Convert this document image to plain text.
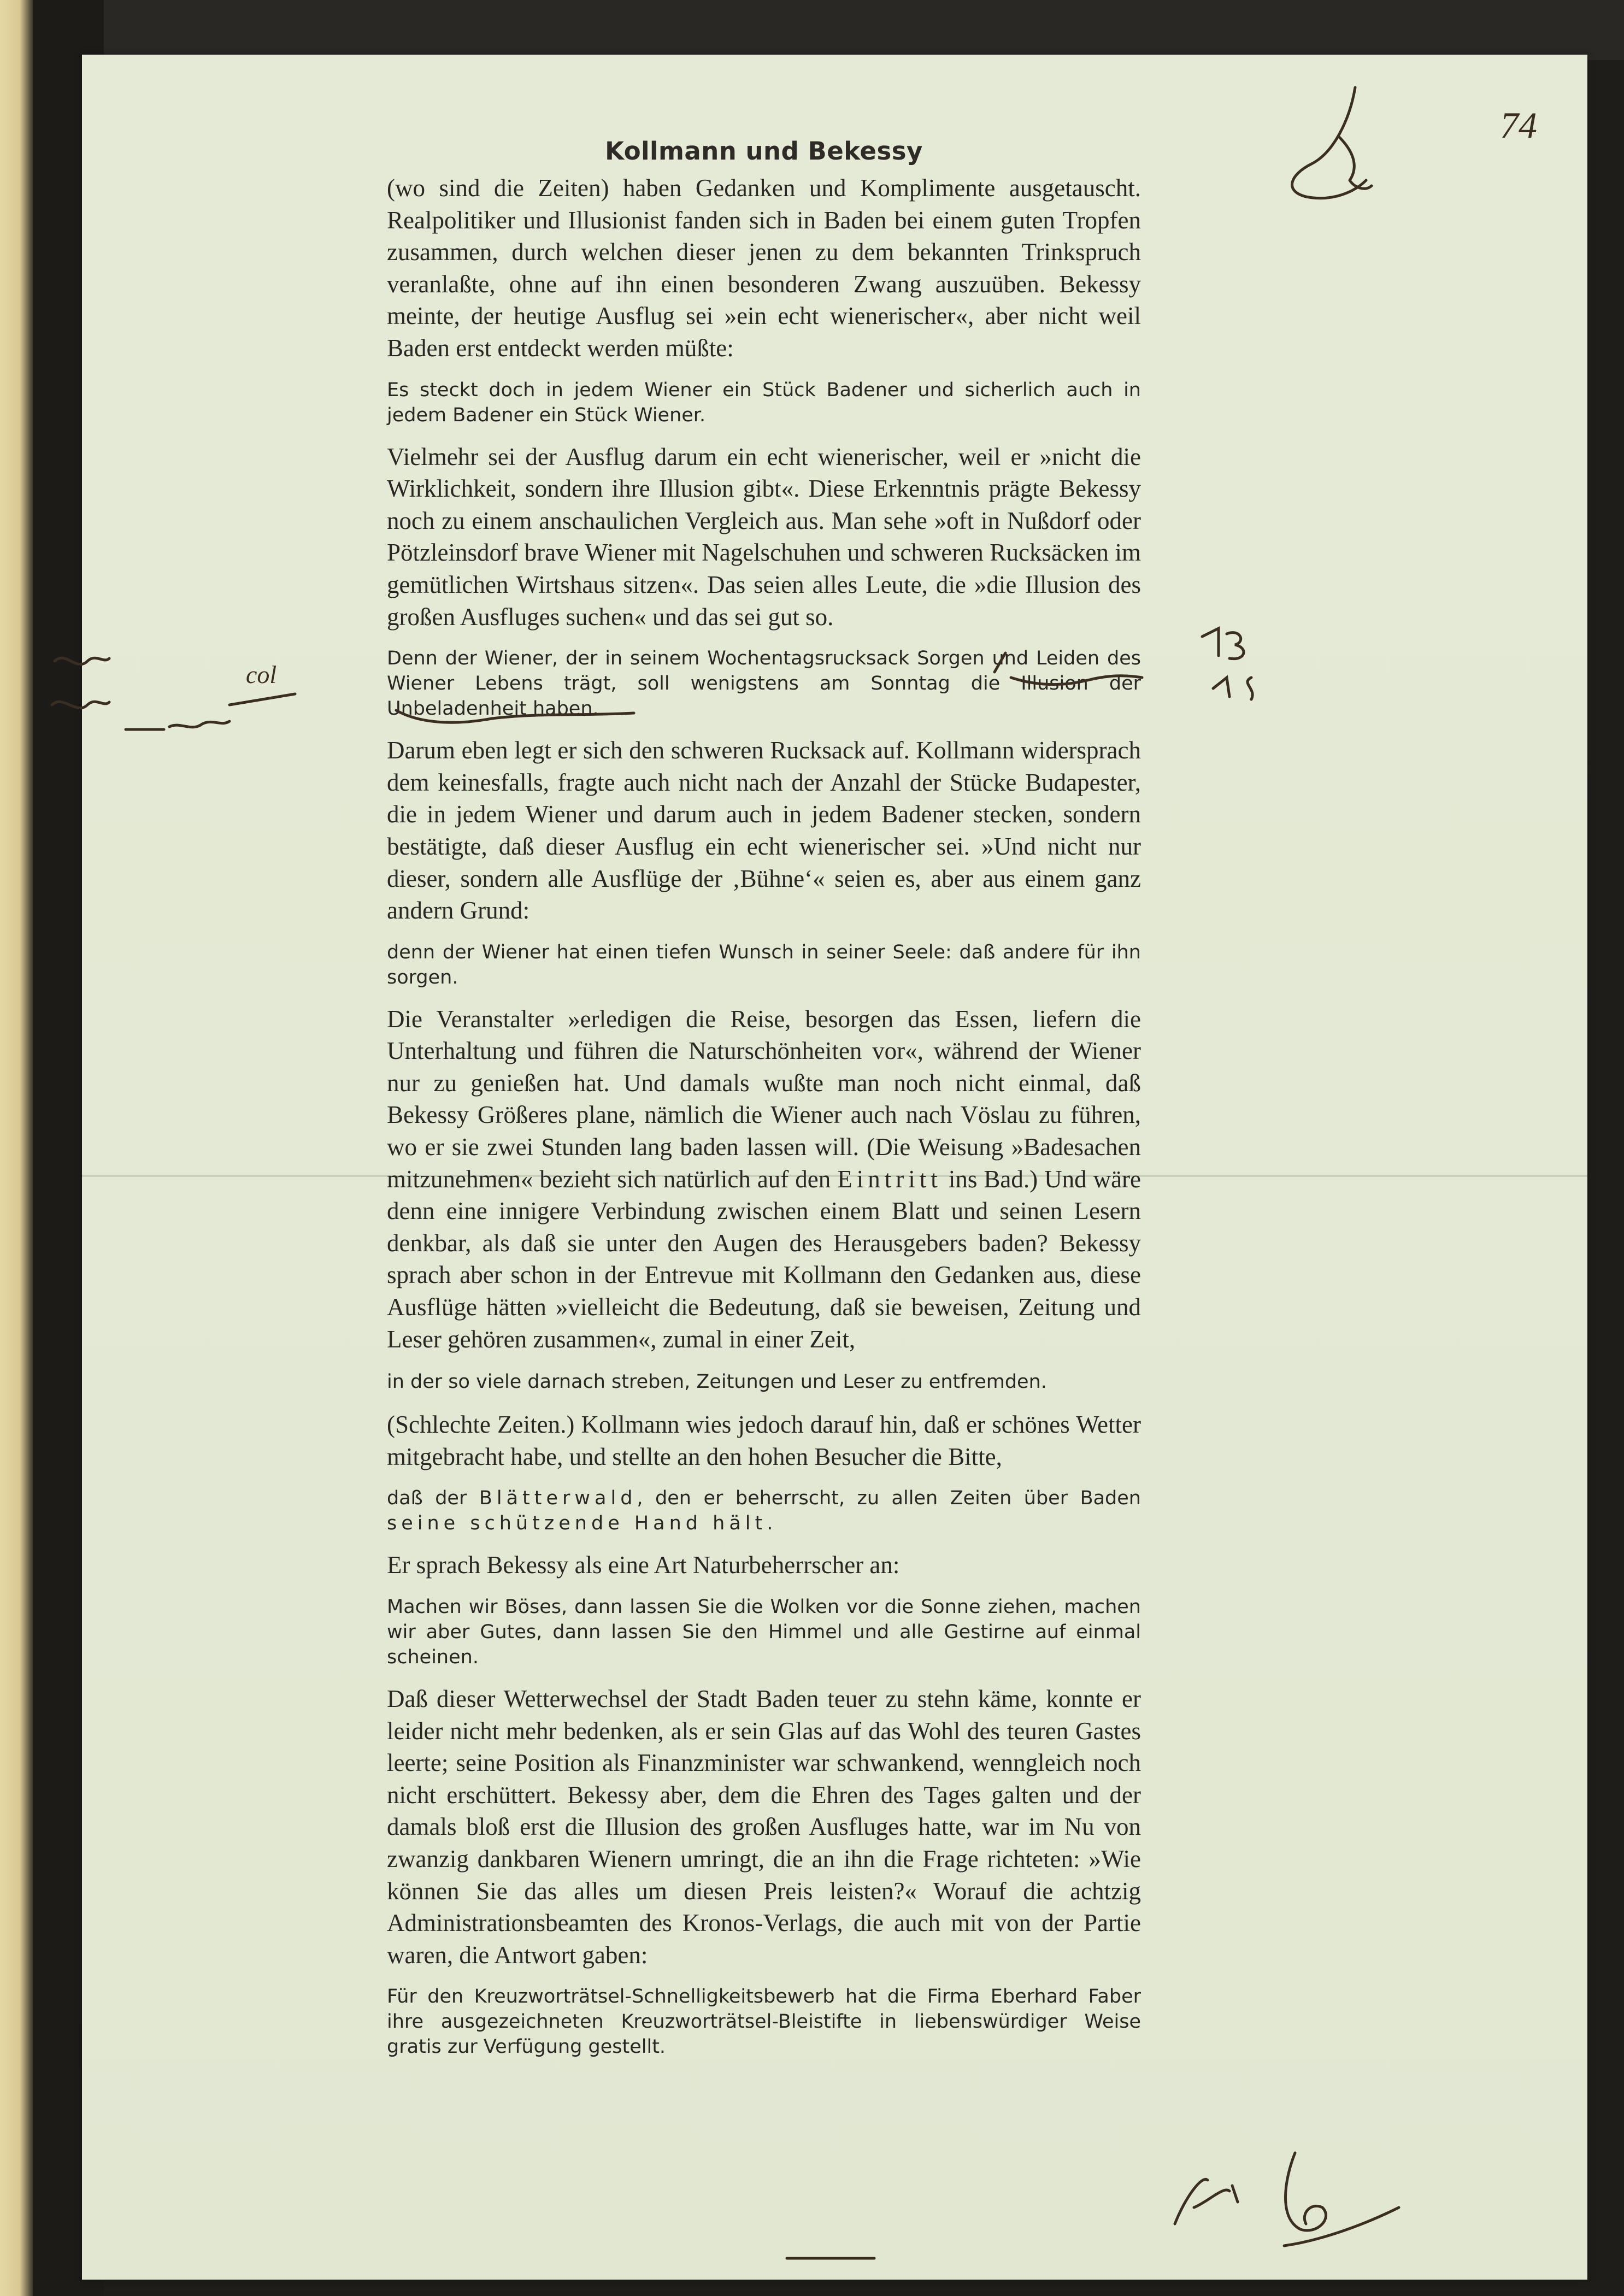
74
Kollmann und Bekessy

(wo sind die Zeiten) haben Gedanken und Komplimente ausgetauscht. Realpolitiker und Illusionist fanden sich in Baden bei einem guten Tropfen zusammen, durch welchen dieser jenen zu dem bekannten Trinkspruch veranlaßte, ohne auf ihn einen besonderen Zwang auszuüben. Bekessy meinte, der heutige Ausflug sei »ein echt wienerischer«, aber nicht weil Baden erst entdeckt werden müßte:

Es steckt doch in jedem Wiener ein Stück Badener und sicherlich auch in jedem Badener ein Stück Wiener.

Vielmehr sei der Ausflug darum ein echt wienerischer, weil er »nicht die Wirklichkeit, sondern ihre Illusion gibt«. Diese Erkenntnis prägte Bekessy noch zu einem anschaulichen Vergleich aus. Man sehe »oft in Nußdorf oder Pötzleinsdorf brave Wiener mit Nagelschuhen und schweren Rucksäcken im gemütlichen Wirtshaus sitzen«. Das seien alles Leute, die »die Illusion des großen Ausfluges suchen« und das sei gut so.

Denn der Wiener, der in seinem Wochentagsrucksack Sorgen und Leiden des Wiener Lebens trägt, soll wenigstens am Sonntag die Illusion der Unbeladenheit haben.

Darum eben legt er sich den schweren Rucksack auf. Kollmann widersprach dem keinesfalls, fragte auch nicht nach der Anzahl der Stücke Budapester, die in jedem Wiener und darum auch in jedem Badener stecken, sondern bestätigte, daß dieser Ausflug ein echt wienerischer sei. »Und nicht nur dieser, sondern alle Ausflüge der ‚Bühne‘« seien es, aber aus einem ganz andern Grund:

denn der Wiener hat einen tiefen Wunsch in seiner Seele: daß andere für ihn sorgen.

Die Veranstalter »erledigen die Reise, besorgen das Essen, liefern die Unterhaltung und führen die Naturschönheiten vor«, während der Wiener nur zu genießen hat. Und damals wußte man noch nicht einmal, daß Bekessy Größeres plane, nämlich die Wiener auch nach Vöslau zu führen, wo er sie zwei Stunden lang baden lassen will. (Die Weisung »Badesachen mitzunehmen« bezieht sich natürlich auf den Eintritt ins Bad.) Und wäre denn eine innigere Verbindung zwischen einem Blatt und seinen Lesern denkbar, als daß sie unter den Augen des Herausgebers baden? Bekessy sprach aber schon in der Entrevue mit Kollmann den Gedanken aus, diese Ausflüge hätten »vielleicht die Bedeutung, daß sie beweisen, Zeitung und Leser gehören zusammen«, zumal in einer Zeit,

in der so viele darnach streben, Zeitungen und Leser zu entfremden.

(Schlechte Zeiten.) Kollmann wies jedoch darauf hin, daß er schönes Wetter mitgebracht habe, und stellte an den hohen Besucher die Bitte,

daß der Blätterwald, den er beherrscht, zu allen Zeiten über Baden seine schützende Hand hält.

Er sprach Bekessy als eine Art Naturbeherrscher an:

Machen wir Böses, dann lassen Sie die Wolken vor die Sonne ziehen, machen wir aber Gutes, dann lassen Sie den Himmel und alle Gestirne auf einmal scheinen.

Daß dieser Wetterwechsel der Stadt Baden teuer zu stehn käme, konnte er leider nicht mehr bedenken, als er sein Glas auf das Wohl des teuren Gastes leerte; seine Position als Finanzminister war schwankend, wenngleich noch nicht erschüttert. Bekessy aber, dem die Ehren des Tages galten und der damals bloß erst die Illusion des großen Ausfluges hatte, war im Nu von zwanzig dankbaren Wienern umringt, die an ihn die Frage richteten: »Wie können Sie das alles um diesen Preis leisten?« Worauf die achtzig Administrationsbeamten des Kronos-Verlags, die auch mit von der Partie waren, die Antwort gaben:

Für den Kreuzworträtsel-Schnelligkeitsbewerb hat die Firma Eberhard Faber ihre ausgezeichneten Kreuzworträtsel-Bleistifte in liebenswürdiger Weise gratis zur Verfügung gestellt.

col
